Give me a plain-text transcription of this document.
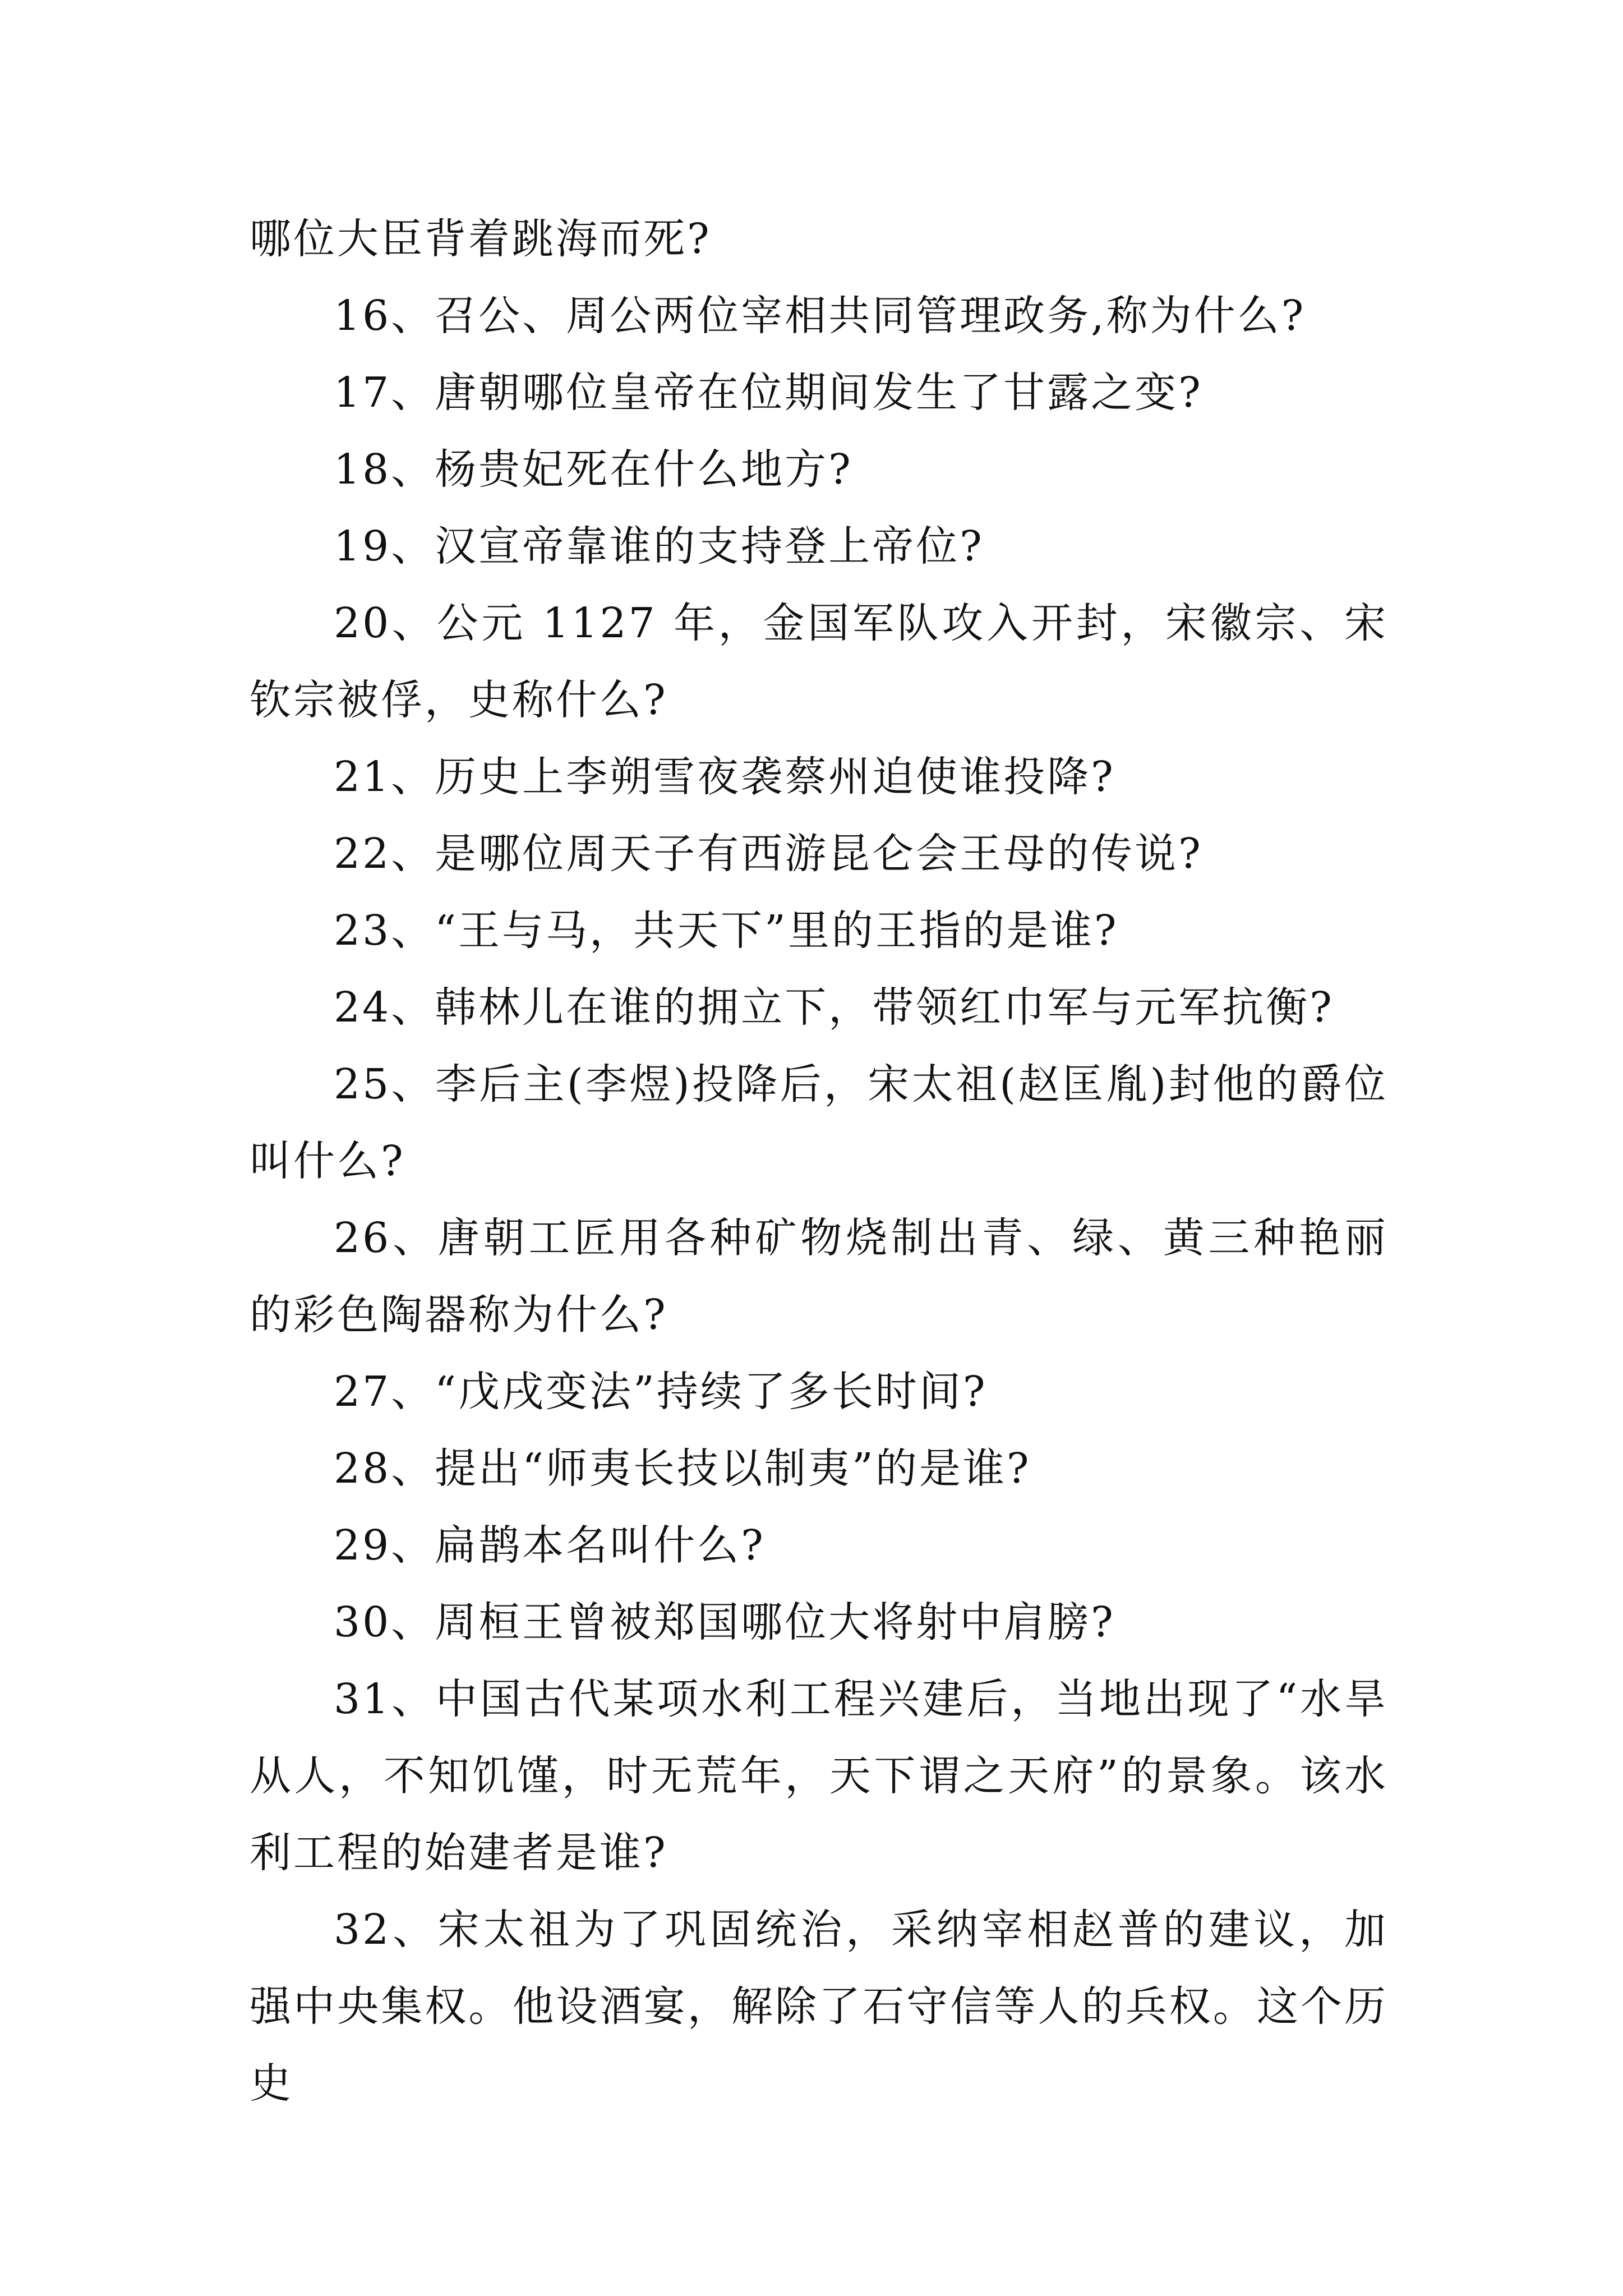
哪位大臣背着跳海而死?

16、召公、周公两位宰相共同管理政务,称为什么?

17、唐朝哪位皇帝在位期间发生了甘露之变?

18、杨贵妃死在什么地方?

19、汉宣帝靠谁的支持登上帝位?

20、公元 1127 年，金国军队攻入开封，宋徽宗、宋钦宗被俘，史称什么?

21、历史上李朔雪夜袭蔡州迫使谁投降?

22、是哪位周天子有西游昆仑会王母的传说?

23、“王与马，共天下”里的王指的是谁?

24、韩林儿在谁的拥立下，带领红巾军与元军抗衡?

25、李后主(李煜)投降后，宋太祖(赵匡胤)封他的爵位叫什么?

26、唐朝工匠用各种矿物烧制出青、绿、黄三种艳丽的彩色陶器称为什么?

27、“戊戌变法”持续了多长时间?

28、提出“师夷长技以制夷”的是谁?

29、扁鹊本名叫什么?

30、周桓王曾被郑国哪位大将射中肩膀?

31、中国古代某项水利工程兴建后，当地出现了“水旱从人，不知饥馑，时无荒年，天下谓之天府”的景象。该水利工程的始建者是谁?

32、宋太祖为了巩固统治，采纳宰相赵普的建议，加强中央集权。他设酒宴，解除了石守信等人的兵权。这个历史
